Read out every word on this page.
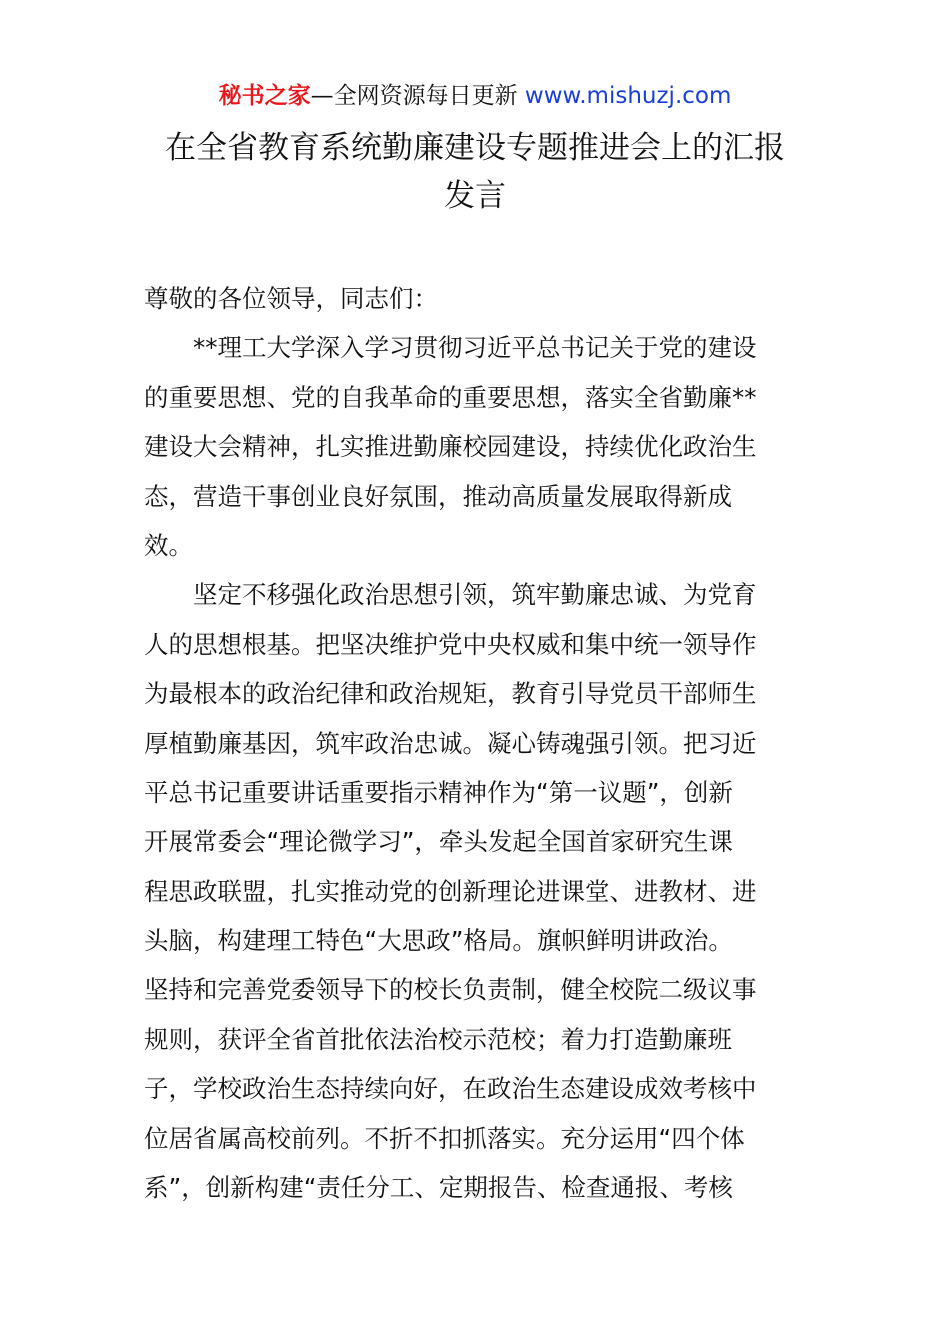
秘书之家—全网资源每日更新 www.mishuzj.com
在全省教育系统勤廉建设专题推进会上的汇报
发言
尊敬的各位领导，同志们：
　　**理工大学深入学习贯彻习近平总书记关于党的建设
的重要思想、党的自我革命的重要思想，落实全省勤廉**
建设大会精神，扎实推进勤廉校园建设，持续优化政治生
态，营造干事创业良好氛围，推动高质量发展取得新成
效。
　　坚定不移强化政治思想引领，筑牢勤廉忠诚、为党育
人的思想根基。把坚决维护党中央权威和集中统一领导作
为最根本的政治纪律和政治规矩，教育引导党员干部师生
厚植勤廉基因，筑牢政治忠诚。凝心铸魂强引领。把习近
平总书记重要讲话重要指示精神作为“第一议题”，创新
开展常委会“理论微学习”，牵头发起全国首家研究生课
程思政联盟，扎实推动党的创新理论进课堂、进教材、进
头脑，构建理工特色“大思政”格局。旗帜鲜明讲政治。
坚持和完善党委领导下的校长负责制，健全校院二级议事
规则，获评全省首批依法治校示范校；着力打造勤廉班
子，学校政治生态持续向好，在政治生态建设成效考核中
位居省属高校前列。不折不扣抓落实。充分运用“四个体
系”，创新构建“责任分工、定期报告、检查通报、考核
